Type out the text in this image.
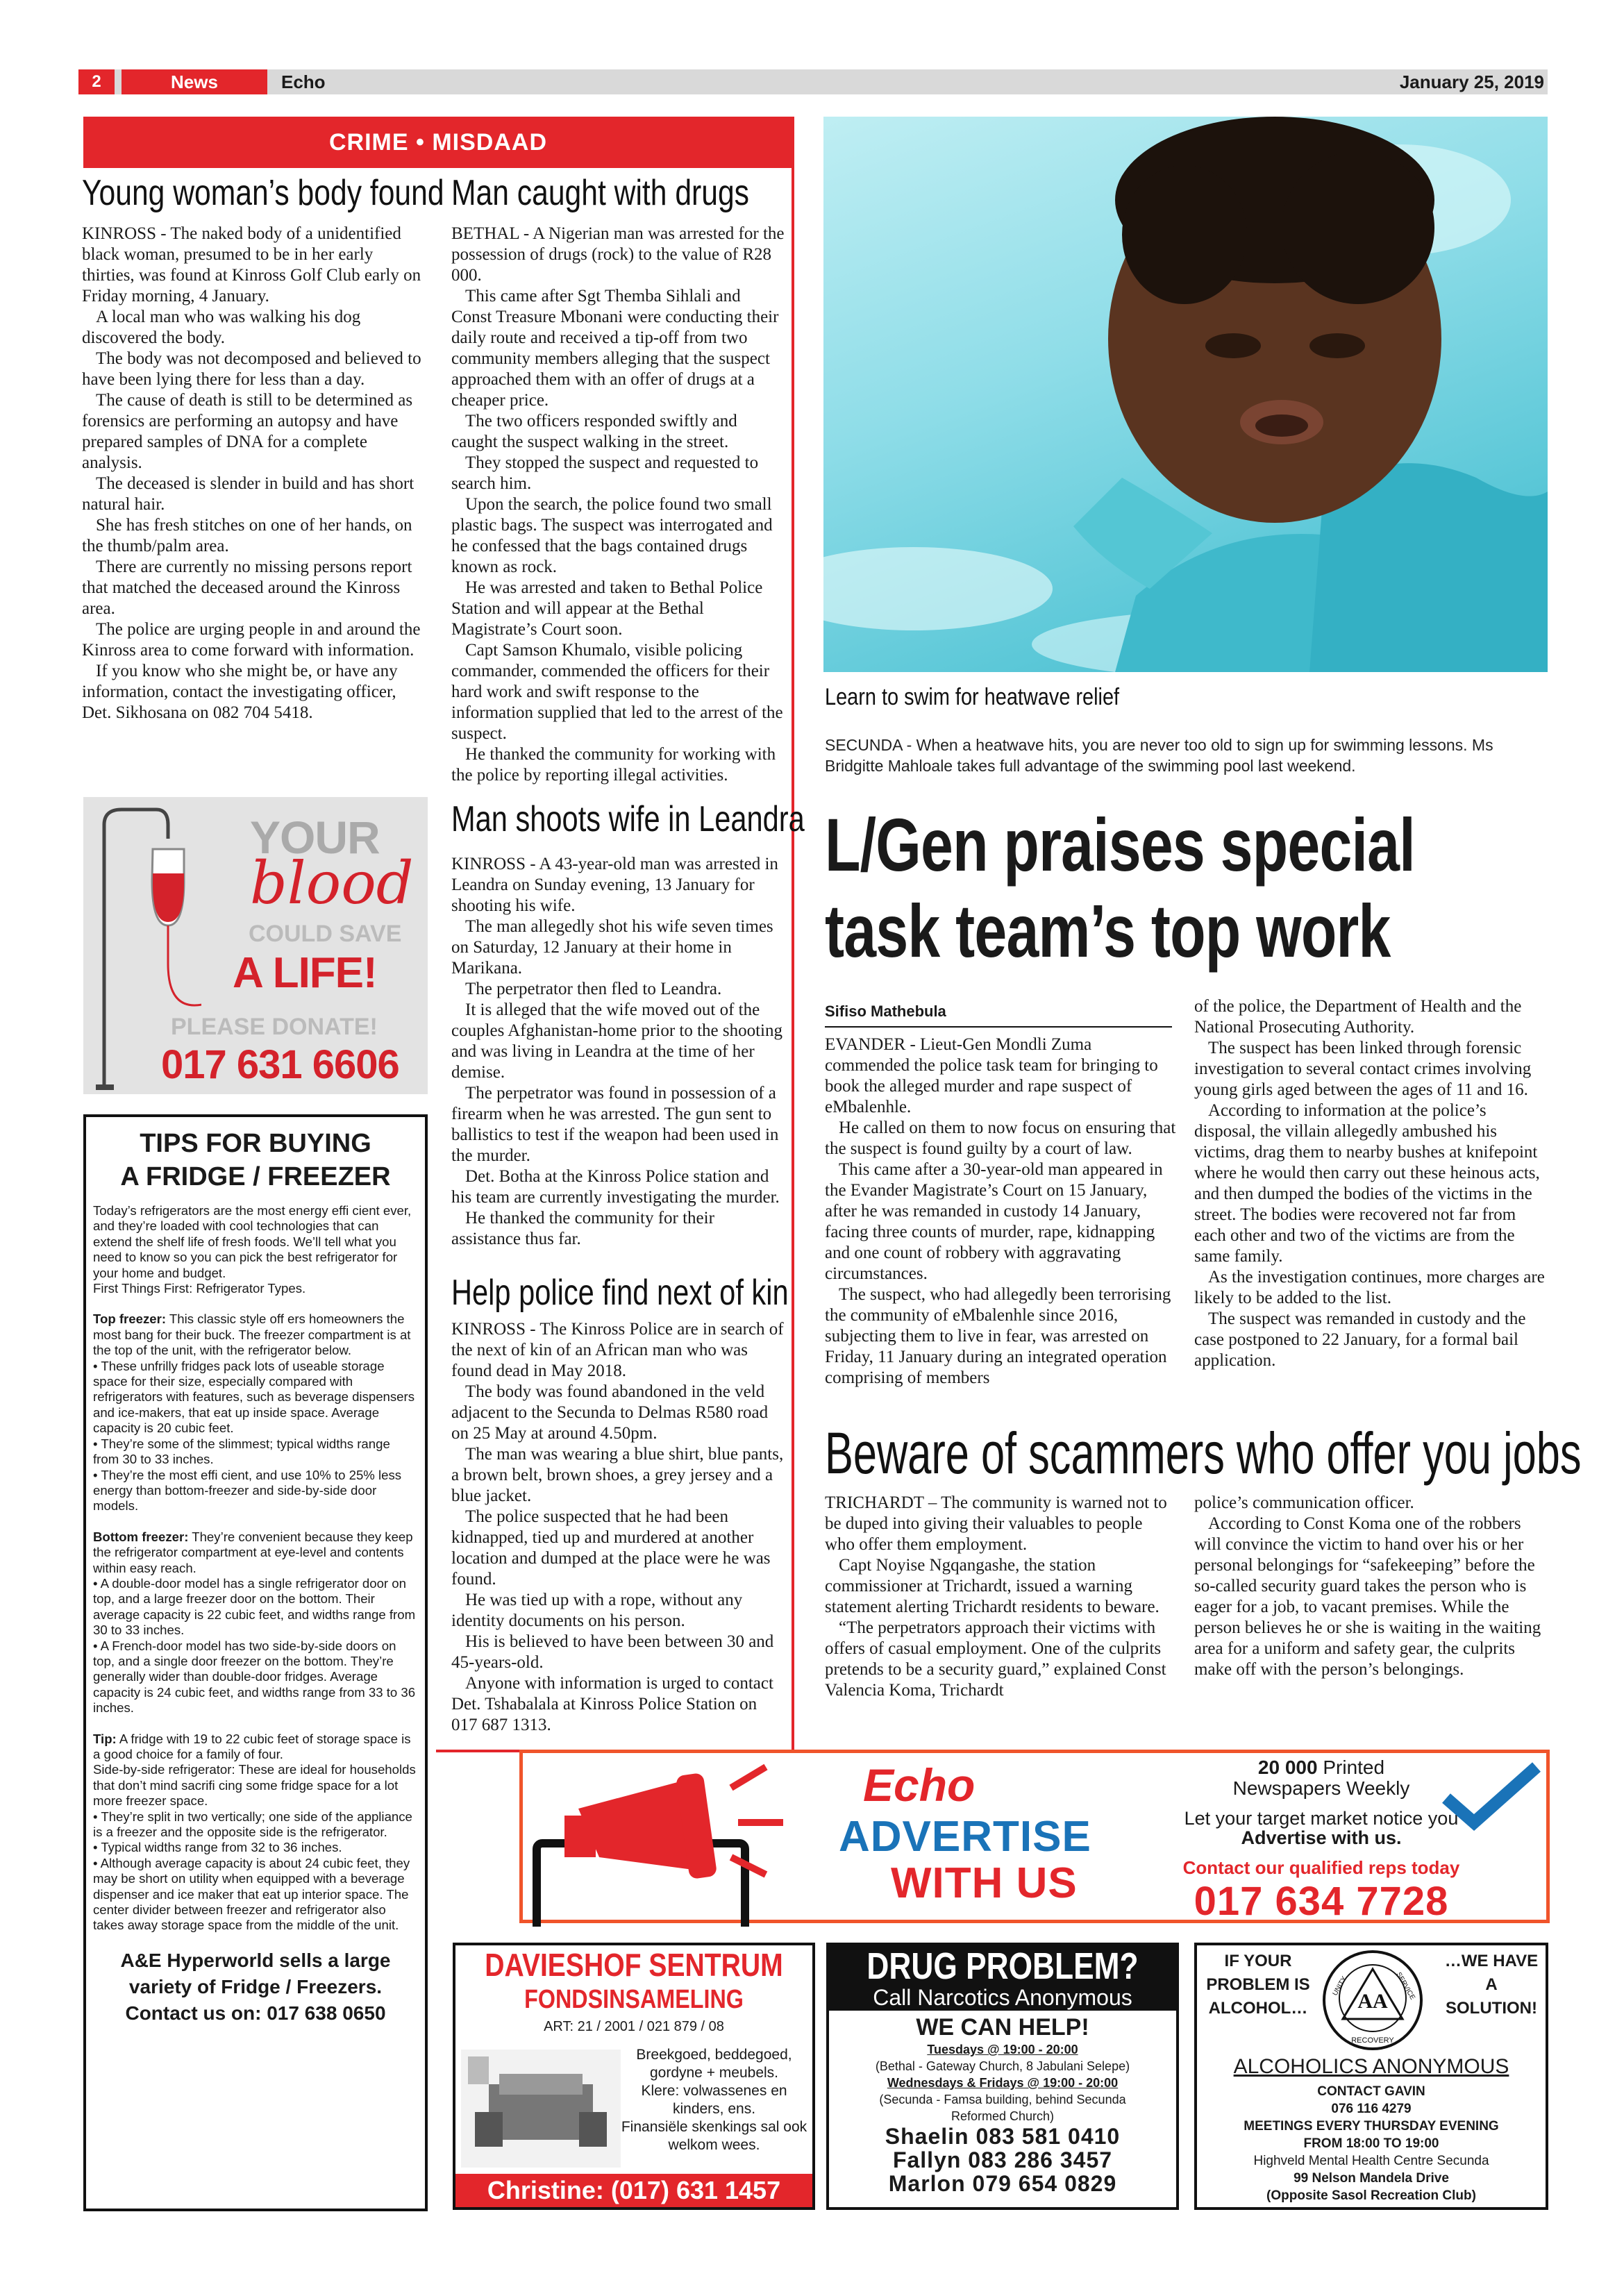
2	News	Echo	January 25, 2019
CRIME • MISDAAD
Young woman’s body found

KINROSS - The naked body of a unidentified black woman, presumed to be in her early thirties, was found at Kinross Golf Club early on Friday morning, 4 January.

A local man who was walking his dog discovered the body.

The body was not decomposed and believed to have been lying there for less than a day.

The cause of death is still to be determined as forensics are performing an autopsy and have prepared samples of DNA for a complete analysis.

The deceased is slender in build and has short natural hair.

She has fresh stitches on one of her hands, on the thumb/palm area.

There are currently no missing persons report that matched the deceased around the Kinross area.

The police are urging people in and around the Kinross area to come forward with information.

If you know who she might be, or have any information, contact the investigating officer, Det. Sikhosana on 082 704 5418.

Man caught with drugs

BETHAL - A Nigerian man was arrested for the possession of drugs (rock) to the value of R28 000.

This came after Sgt Themba Sihlali and Const Treasure Mbonani were conducting their daily route and received a tip-off from two community members alleging that the suspect approached them with an offer of drugs at a cheaper price.

The two officers responded swiftly and caught the suspect walking in the street.

They stopped the suspect and requested to search him.

Upon the search, the police found two small plastic bags. The suspect was interrogated and he confessed that the bags contained drugs known as rock.

He was arrested and taken to Bethal Police Station and will appear at the Bethal Magistrate’s Court soon.

Capt Samson Khumalo, visible policing commander, commended the officers for their hard work and swift response to the information supplied that led to the arrest of the suspect.

He thanked the community for working with the police by reporting illegal activities.

Man shoots wife in Leandra

KINROSS - A 43-year-old man was arrested in Leandra on Sunday evening, 13 January for shooting his wife.

The man allegedly shot his wife seven times on Saturday, 12 January at their home in Marikana.

The perpetrator then fled to Leandra.

It is alleged that the wife moved out of the couples Afghanistan-home prior to the shooting and was living in Leandra at the time of her demise.

The perpetrator was found in possession of a firearm when he was arrested. The gun sent to ballistics to test if the weapon had been used in the murder.

Det. Botha at the Kinross Police station and his team are currently investigating the murder.

He thanked the community for their assistance thus far.

Help police find next of kin

KINROSS - The Kinross Police are in search of the next of kin of an African man who was found dead in May 2018.

The body was found abandoned in the veld adjacent to the Secunda to Delmas R580 road on 25 May at around 4.50pm.

The man was wearing a blue shirt, blue pants, a brown belt, brown shoes, a grey jersey and a blue jacket.

The police suspected that he had been kidnapped, tied up and murdered at another location and dumped at the place were he was found.

He was tied up with a rope, without any identity documents on his person.

His is believed to have been between 30 and 45-years-old.

Anyone with information is urged to contact Det. Tshabalala at Kinross Police Station on 017 687 1313.

YOUR
blood
COULD SAVE
A LIFE!
PLEASE DONATE!
017 631 6606
TIPS FOR BUYING
A FRIDGE / FREEZER
Today’s refrigerators are the most energy effi cient ever, and they’re loaded with cool technologies that can extend the shelf life of fresh foods. We’ll tell what you need to know so you can pick the best refrigerator for your home and budget.
First Things First: Refrigerator Types.
Top freezer: This classic style off ers homeowners the most bang for their buck. The freezer compartment is at the top of the unit, with the refrigerator below.
• These unfrilly fridges pack lots of useable storage space for their size, especially compared with refrigerators with features, such as beverage dispensers and ice-makers, that eat up inside space. Average capacity is 20 cubic feet.
• They’re some of the slimmest; typical widths range from 30 to 33 inches.
• They’re the most effi cient, and use 10% to 25% less energy than bottom-freezer and side-by-side door models.
Bottom freezer: They’re convenient because they keep the refrigerator compartment at eye-level and contents within easy reach.
• A double-door model has a single refrigerator door on top, and a large freezer door on the bottom. Their average capacity is 22 cubic feet, and widths range from 30 to 33 inches.
• A French-door model has two side-by-side doors on top, and a single door freezer on the bottom. They’re generally wider than double-door fridges. Average capacity is 24 cubic feet, and widths range from 33 to 36 inches.
Tip: A fridge with 19 to 22 cubic feet of storage space is a good choice for a family of four.
Side-by-side refrigerator: These are ideal for households that don’t mind sacrifi cing some fridge space for a lot more freezer space.
• They’re split in two vertically; one side of the appliance is a freezer and the opposite side is the refrigerator.
• Typical widths range from 32 to 36 inches.
• Although average capacity is about 24 cubic feet, they may be short on utility when equipped with a beverage dispenser and ice maker that eat up interior space. The center divider between freezer and refrigerator also takes away storage space from the middle of the unit.
A&E Hyperworld sells a large variety of Fridge / Freezers. Contact us on: 017 638 0650
Learn to swim for heatwave relief
SECUNDA - When a heatwave hits, you are never too old to sign up for swimming lessons. Ms Bridgitte Mahloale takes full advantage of the swimming pool last weekend.
L/Gen praises special
task team’s top work
Sifiso Mathebula

EVANDER - Lieut-Gen Mondli Zuma commended the police task team for bringing to book the alleged murder and rape suspect of eMbalenhle.

He called on them to now focus on ensuring that the suspect is found guilty by a court of law.

This came after a 30-year-old man appeared in the Evander Magistrate’s Court on 15 January, after he was remanded in custody 14 January, facing three counts of murder, rape, kidnapping and one count of robbery with aggravating circumstances.

The suspect, who had allegedly been terrorising the community of eMbalenhle since 2016, subjecting them to live in fear, was arrested on Friday, 11 January during an integrated operation comprising of members

of the police, the Department of Health and the National Prosecuting Authority.

The suspect has been linked through forensic investigation to several contact crimes involving young girls aged between the ages of 11 and 16.

According to information at the police’s disposal, the villain allegedly ambushed his victims, drag them to nearby bushes at knifepoint where he would then carry out these heinous acts, and then dumped the bodies of the victims in the street. The bodies were recovered not far from each other and two of the victims are from the same family.

As the investigation continues, more charges are likely to be added to the list.

The suspect was remanded in custody and the case postponed to 22 January, for a formal bail application.

Beware of scammers who offer you jobs

TRICHARDT – The community is warned not to be duped into giving their valuables to people who offer them employment.

Capt Noyise Ngqangashe, the station commissioner at Trichardt, issued a warning statement alerting Trichardt residents to beware.

“The perpetrators approach their victims with offers of casual employment. One of the culprits pretends to be a security guard,” explained Const Valencia Koma, Trichardt

police’s communication officer.

According to Const Koma one of the robbers will convince the victim to hand over his or her personal belongings for “safekeeping” before the so-called security guard takes the person who is eager for a job, to vacant premises. While the person believes he or she is waiting in the waiting area for a uniform and safety gear, the culprits make off with the person’s belongings.

Echo
ADVERTISE
WITH US
20 000 Printed
Newspapers Weekly
Let your target market notice you
Advertise with us.
Contact our qualified reps today
017 634 7728
DAVIESHOF SENTRUM
FONDSINSAMELING
ART: 21 / 2001 / 021 879 / 08
Breekgoed, beddegoed, gordyne + meubels.
Klere: volwassenes en kinders, ens.
Finansiële skenkings sal ook welkom wees.
Christine: (017) 631 1457
DRUG PROBLEM?
Call Narcotics Anonymous
WE CAN HELP!
Tuesdays @ 19:00 - 20:00
(Bethal - Gateway Church, 8 Jabulani Selepe)
Wednesdays & Fridays @ 19:00 - 20:00
(Secunda - Famsa building, behind Secunda Reformed Church)
Shaelin 083 581 0410
Fallyn 083 286 3457
Marlon 079 654 0829
IF YOUR PROBLEM IS ALCOHOL…
…WE HAVE A SOLUTION!
AA
UNITY	SERVICE
RECOVERY
ALCOHOLICS ANONYMOUS
CONTACT GAVIN
076 116 4279
MEETINGS EVERY THURSDAY EVENING
FROM 18:00 TO 19:00
Highveld Mental Health Centre Secunda
99 Nelson Mandela Drive
(Opposite Sasol Recreation Club)
